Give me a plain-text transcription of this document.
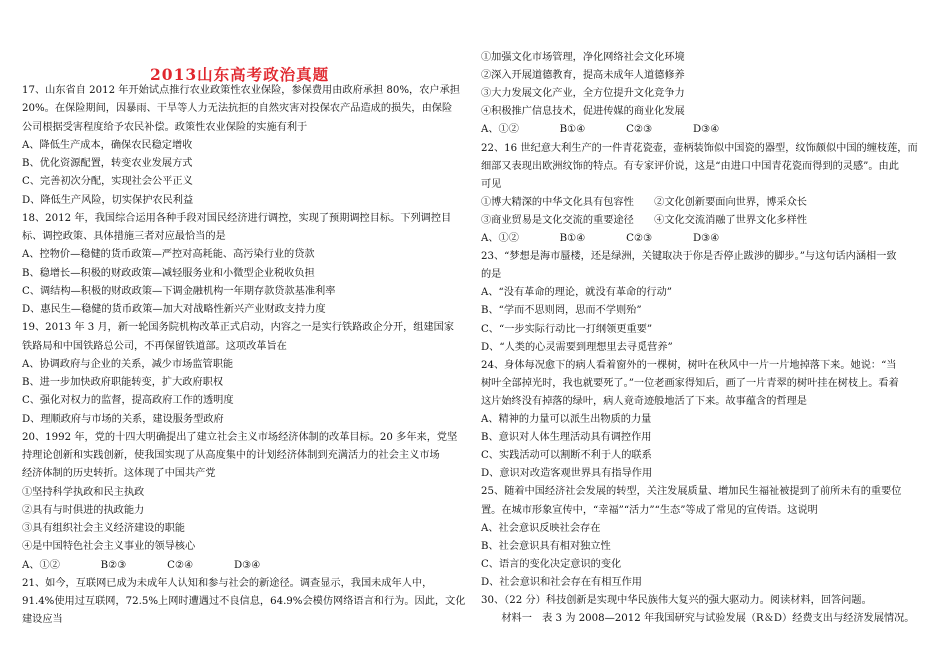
2013山东高考政治真题
17、山东省自 2012 年开始试点推行农业政策性农业保险，参保费用由政府承担 80%，农户承担
20%。在保险期间，因暴雨、干旱等人力无法抗拒的自然灾害对投保农产品造成的损失，由保险
公司根据受害程度给予农民补偿。政策性农业保险的实施有利于
A、降低生产成本，确保农民稳定增收
B、优化资源配置，转变农业发展方式
C、完善初次分配，实现社会公平正义
D、降低生产风险，切实保护农民利益
18、2012 年，我国综合运用各种手段对国民经济进行调控，实现了预期调控目标。下列调控目
标、调控政策、具体措施三者对应最恰当的是
A、控物价—稳健的货币政策—严控对高耗能、高污染行业的贷款
B、稳增长—积极的财政政策—减轻服务业和小微型企业税收负担
C、调结构—积极的财政政策—下调金融机构一年期存款贷款基准利率
D、惠民生—稳健的货币政策—加大对战略性新兴产业财政支持力度
19、2013 年 3 月，新一轮国务院机构改革正式启动，内容之一是实行铁路政企分开，组建国家
铁路局和中国铁路总公司，不再保留铁道部。这项改革旨在
A、协调政府与企业的关系，减少市场监管职能
B、进一步加快政府职能转变，扩大政府职权
C、强化对权力的监督，提高政府工作的透明度
D、理顺政府与市场的关系，建设服务型政府
20、1992 年，党的十四大明确提出了建立社会主义市场经济体制的改革目标。20 多年来，党坚
持理论创新和实践创新，使我国实现了从高度集中的计划经济体制到充满活力的社会主义市场
经济体制的历史转折。这体现了中国共产党
①坚持科学执政和民主执政
②具有与时俱进的执政能力
③具有组织社会主义经济建设的职能
④是中国特色社会主义事业的领导核心
A、①②　　　　B②③　　　　C②④　　　　D③④
21、如今，互联网已成为未成年人认知和参与社会的新途径。调查显示，我国未成年人中，
91.4%使用过互联网，72.5%上网时遭遇过不良信息，64.9%会模仿网络语言和行为。因此，文化
建设应当
①加强文化市场管理，净化网络社会文化环境
②深入开展道德教育，提高未成年人道德修养
③大力发展文化产业，全方位提升文化竞争力
④积极推广信息技术，促进传媒的商业化发展
A、①②　　　　B①④　　　　C②③　　　　D③④
22、16 世纪意大利生产的一件青花瓷壶，壶柄装饰似中国瓷的器型，纹饰颇似中国的缠枝莲，而
细部又表现出欧洲纹饰的特点。有专家评价说，这是“由进口中国青花瓷而得到的灵感”。由此
可见
①博大精深的中华文化具有包容性　　②文化创新要面向世界，博采众长
③商业贸易是文化交流的重要途径　　④文化交流消融了世界文化多样性
A、①②　　　　B①④　　　　C②③　　　　D③④
23、“梦想是海市蜃楼，还是绿洲，关键取决于你是否停止跋涉的脚步。”与这句话内涵相一致
的是
A、“没有革命的理论，就没有革命的行动”
B、“学而不思则罔，思而不学则殆”
C、“一步实际行动比一打纲领更重要”
D、“人类的心灵需要到理想里去寻觅营养”
24、身体每况愈下的病人看着窗外的一棵树，树叶在秋风中一片一片地掉落下来。她说：“当
树叶全部掉光时，我也就要死了。”一位老画家得知后，画了一片青翠的树叶挂在树枝上。看着
这片始终没有掉落的绿叶，病人竟奇迹般地活了下来。故事蕴含的哲理是
A、精神的力量可以派生出物质的力量
B、意识对人体生理活动具有调控作用
C、实践活动可以割断不利于人的联系
D、意识对改造客观世界具有指导作用
25、随着中国经济社会发展的转型，关注发展质量、增加民生福祉被提到了前所未有的重要位
置。在城市形象宣传中，“幸福”“活力”“生态”等成了常见的宣传语。这说明
A、社会意识反映社会存在
B、社会意识具有相对独立性
C、语言的变化决定意识的变化
D、社会意识和社会存在有相互作用
30、（22 分）科技创新是实现中华民族伟大复兴的强大驱动力。阅读材料，回答问题。
　　材料一　表 3 为 2008—2012 年我国研究与试验发展（R＆D）经费支出与经济发展情况。
